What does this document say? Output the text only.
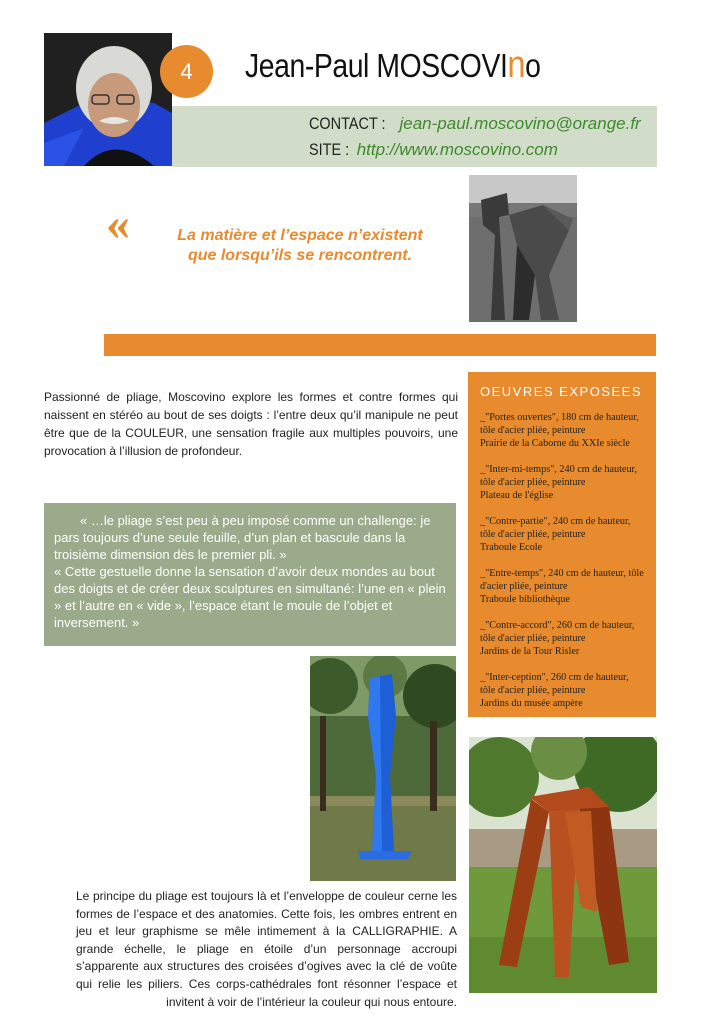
4	Jean-Paul MOSCOVIno
CONTACT : jean-paul.moscovino@orange.fr
SITE : http://www.moscovino.com
«	La matière et l’espace n’existent
que lorsqu’ils se rencontrent.
Passionné de pliage, Moscovino explore les formes et contre formes qui naissent en stéréo au bout de ses doigts : l’entre deux qu’il manipule ne peut être que de la COULEUR, une sensation fragile aux multiples pouvoirs, une provocation à l’illusion de profondeur.
OEUVRES EXPOSEES
_"Portes ouvertes", 180 cm de hauteur,
tôle d'acier pliée, peinture
Prairie de la Caborne du XXIe siècle
_"Inter-mi-temps", 240 cm de hauteur,
tôle d'acier pliée, peinture
Plateau de l'église
_"Contre-partie", 240 cm de hauteur,
tôle d'acier pliée, peinture
Traboule Ecole
_"Entre-temps", 240 cm de hauteur, tôle
d'acier pliée, peinture
Traboule bibliothèque
_"Contre-accord", 260 cm de hauteur,
tôle d'acier pliée, peinture
Jardins de la Tour Risler
_"Inter-ception", 260 cm de hauteur,
tôle d'acier pliée, peinture
Jardins du musée ampère

« …le pliage s’est peu à peu imposé comme un challenge: je pars toujours d’une seule feuille, d’un plan et bascule dans la troisième dimension dès le premier pli. »

« Cette gestuelle donne la sensation d’avoir deux mondes au bout des doigts et de créer deux sculptures en simultané: l’une en « plein » et l’autre en « vide », l’espace étant le moule de l’objet et inversement. »

Le principe du pliage est toujours là et l’enveloppe de couleur cerne les formes de l’espace et des anatomies. Cette fois, les ombres entrent en jeu et leur graphisme se mêle intimement à la CALLIGRAPHIE. A grande échelle, le pliage en étoile d’un personnage accroupi s’apparente aux structures des croisées d’ogives avec la clé de voûte qui relie les piliers. Ces corps-cathédrales font résonner l’espace et invitent à voir de l’intérieur la couleur qui nous entoure.
